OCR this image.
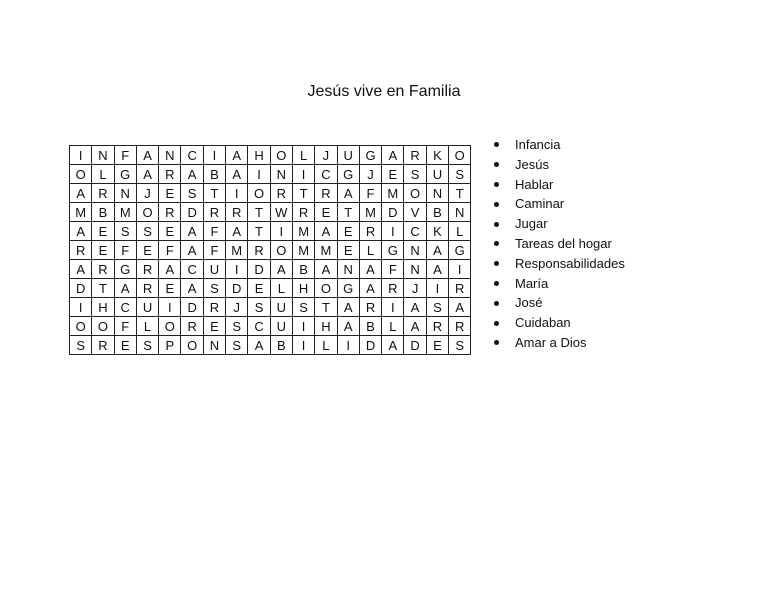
Jesús vive en Familia
I	N	F	A	N	C	I	A	H	O	L	J	U	G	A	R	K	O
O	L	G	A	R	A	B	A	I	N	I	C	G	J	E	S	U	S
A	R	N	J	E	S	T	I	O	R	T	R	A	F	M	O	N	T
M	B	M	O	R	D	R	R	T	W	R	E	T	M	D	V	B	N
A	E	S	S	E	A	F	A	T	I	M	A	E	R	I	C	K	L
R	E	F	E	F	A	F	M	R	O	M	M	E	L	G	N	A	G
A	R	G	R	A	C	U	I	D	A	B	A	N	A	F	N	A	I
D	T	A	R	E	A	S	D	E	L	H	O	G	A	R	J	I	R
I	H	C	U	I	D	R	J	S	U	S	T	A	R	I	A	S	A
O	O	F	L	O	R	E	S	C	U	I	H	A	B	L	A	R	R
S	R	E	S	P	O	N	S	A	B	I	L	I	D	A	D	E	S
Infancia
Jesús
Hablar
Caminar
Jugar
Tareas del hogar
Responsabilidades
María
José
Cuidaban
Amar a Dios
